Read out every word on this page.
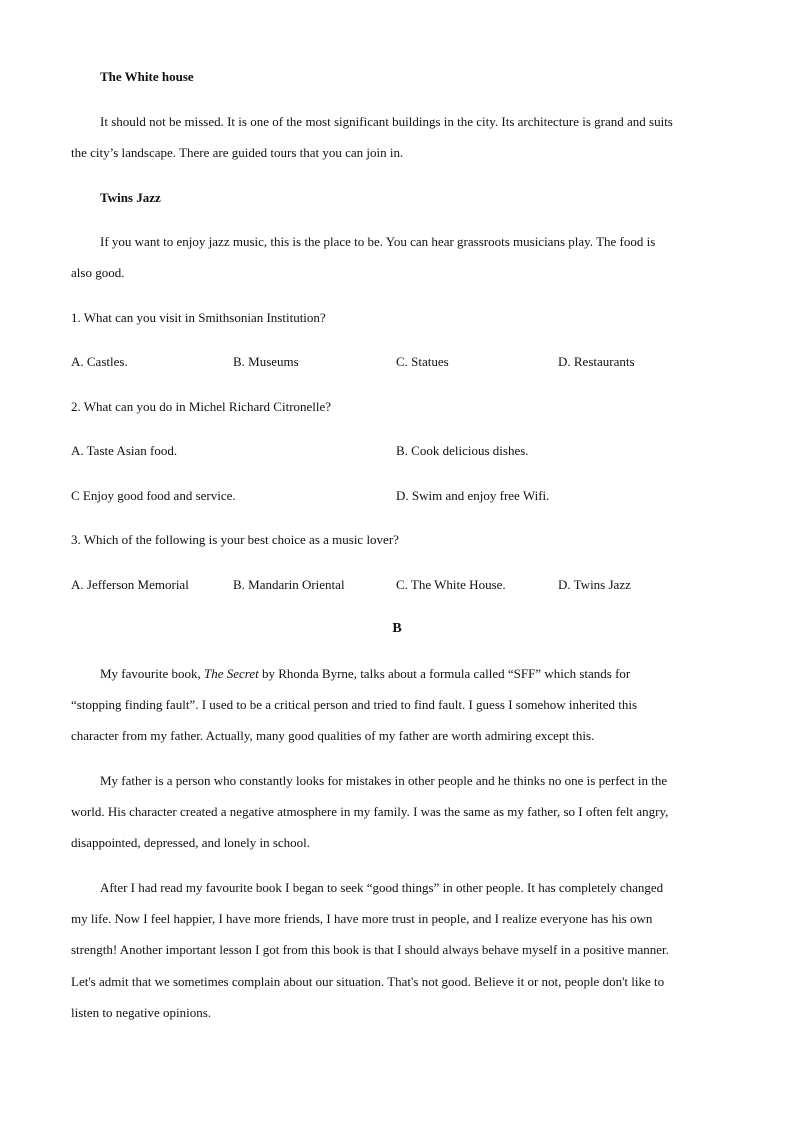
The White house
It should not be missed. It is one of the most significant buildings in the city. Its architecture is grand and suits
the city’s landscape. There are guided tours that you can join in.
Twins Jazz
If you want to enjoy jazz music, this is the place to be. You can hear grassroots musicians play. The food is
also good.
1. What can you visit in Smithsonian Institution?
A. Castles.	B. Museums	C. Statues	D. Restaurants
2. What can you do in Michel Richard Citronelle?
A. Taste Asian food.	B. Cook delicious dishes.
C Enjoy good food and service.	D. Swim and enjoy free Wifi.
3. Which of the following is your best choice as a music lover?
A. Jefferson Memorial	B. Mandarin Oriental	C. The White House.	D. Twins Jazz
B
My favourite book, The Secret by Rhonda Byrne, talks about a formula called “SFF” which stands for
“stopping finding fault”. I used to be a critical person and tried to find fault. I guess I somehow inherited this
character from my father. Actually, many good qualities of my father are worth admiring except this.
My father is a person who constantly looks for mistakes in other people and he thinks no one is perfect in the
world. His character created a negative atmosphere in my family. I was the same as my father, so I often felt angry,
disappointed, depressed, and lonely in school.
After I had read my favourite book I began to seek “good things” in other people. It has completely changed
my life. Now I feel happier, I have more friends, I have more trust in people, and I realize everyone has his own
strength! Another important lesson I got from this book is that I should always behave myself in a positive manner.
Let's admit that we sometimes complain about our situation. That's not good. Believe it or not, people don't like to
listen to negative opinions.
